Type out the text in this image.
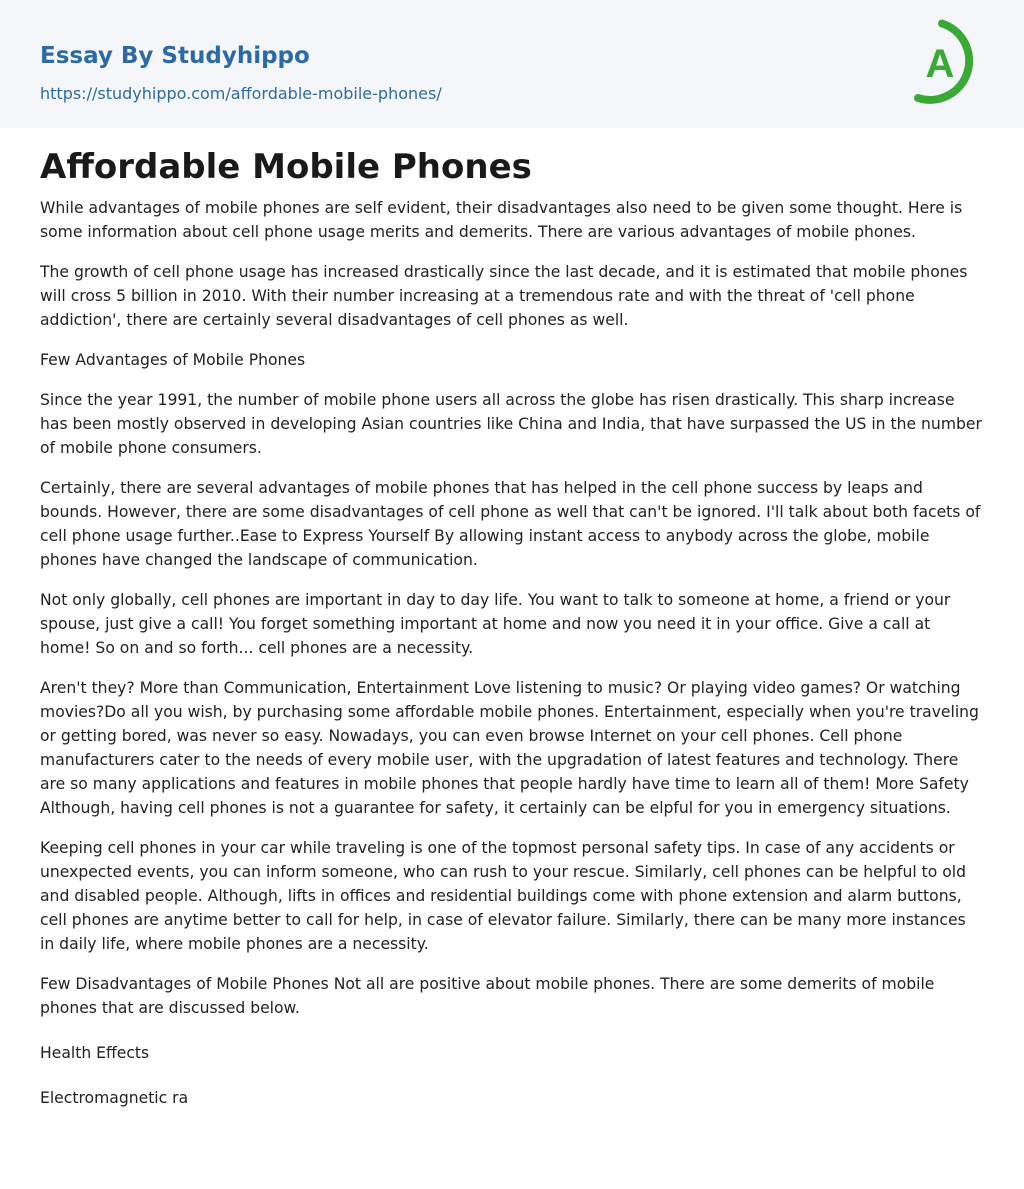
Essay By Studyhippo
https://studyhippo.com/affordable-mobile-phones/
A
Affordable Mobile Phones

While advantages of mobile phones are self evident, their disadvantages also need to be given some thought. Here is some information about cell phone usage merits and demerits. There are various advantages of mobile phones.

The growth of cell phone usage has increased drastically since the last decade, and it is estimated that mobile phones will cross 5 billion in 2010. With their number increasing at a tremendous rate and with the threat of 'cell phone addiction', there are certainly several disadvantages of cell phones as well.

Few Advantages of Mobile Phones

Since the year 1991, the number of mobile phone users all across the globe has risen drastically. This sharp increase has been mostly observed in developing Asian countries like China and India, that have surpassed the US in the number of mobile phone consumers.

Certainly, there are several advantages of mobile phones that has helped in the cell phone success by leaps and bounds. However, there are some disadvantages of cell phone as well that can't be ignored. I'll talk about both facets of cell phone usage further..Ease to Express Yourself By allowing instant access to anybody across the globe, mobile phones have changed the landscape of communication.

Not only globally, cell phones are important in day to day life. You want to talk to someone at home, a friend or your spouse, just give a call! You forget something important at home and now you need it in your office. Give a call at home! So on and so forth... cell phones are a necessity.

Aren't they? More than Communication, Entertainment Love listening to music? Or playing video games? Or watching movies?Do all you wish, by purchasing some affordable mobile phones. Entertainment, especially when you're traveling or getting bored, was never so easy. Nowadays, you can even browse Internet on your cell phones. Cell phone manufacturers cater to the needs of every mobile user, with the upgradation of latest features and technology. There are so many applications and features in mobile phones that people hardly have time to learn all of them! More Safety Although, having cell phones is not a guarantee for safety, it certainly can be elpful for you in emergency situations.

Keeping cell phones in your car while traveling is one of the topmost personal safety tips. In case of any accidents or unexpected events, you can inform someone, who can rush to your rescue. Similarly, cell phones can be helpful to old and disabled people. Although, lifts in offices and residential buildings come with phone extension and alarm buttons, cell phones are anytime better to call for help, in case of elevator failure. Similarly, there can be many more instances in daily life, where mobile phones are a necessity.

Few Disadvantages of Mobile Phones Not all are positive about mobile phones. There are some demerits of mobile phones that are discussed below.

Health Effects

Electromagnetic ra
